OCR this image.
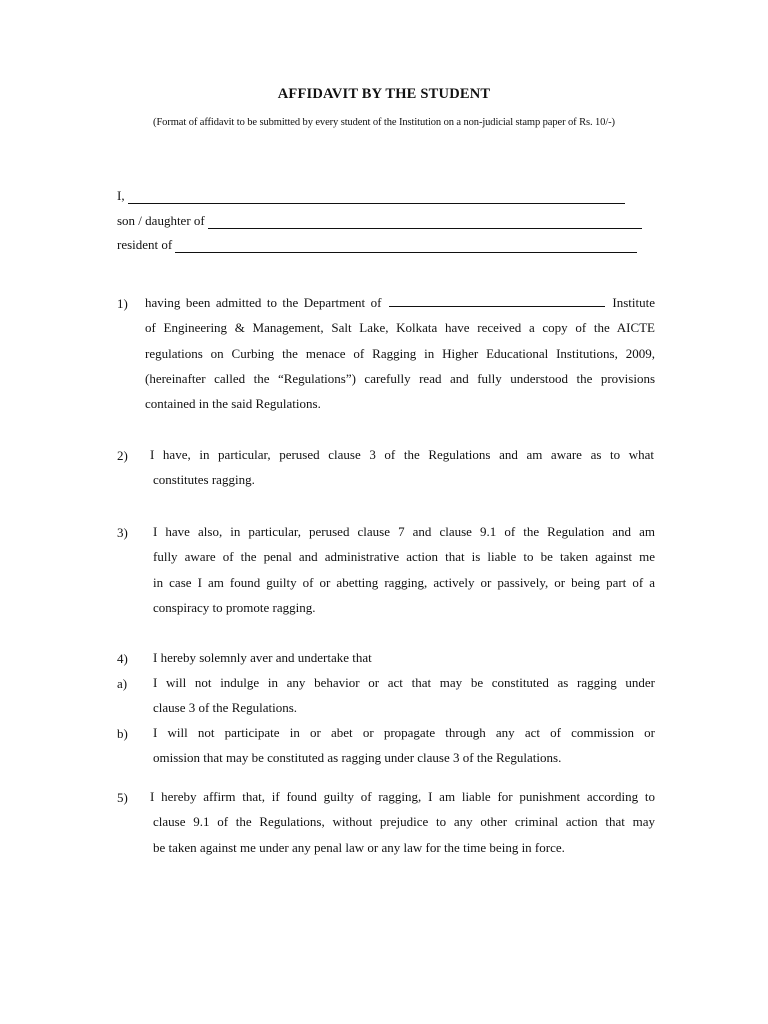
AFFIDAVIT BY THE STUDENT
(Format of affidavit to be submitted by every student of the Institution on a non-judicial stamp paper of Rs. 10/-)
I,
son / daughter of
resident of
1) having been admitted to the Department of	Institute
of Engineering & Management, Salt Lake, Kolkata have received a copy of the AICTE
regulations on Curbing the menace of Ragging in Higher Educational Institutions, 2009,
(hereinafter called the “Regulations”) carefully read and fully understood the provisions
contained in the said Regulations.
2) I have, in particular, perused clause 3 of the Regulations and am aware as to what
constitutes ragging.
3) I have also, in particular, perused clause 7 and clause 9.1 of the Regulation and am
fully aware of the penal and administrative action that is liable to be taken against me
in case I am found guilty of or abetting ragging, actively or passively, or being part of a
conspiracy to promote ragging.
4) I hereby solemnly aver and undertake that
a) I will not indulge in any behavior or act that may be constituted as ragging under
clause 3 of the Regulations.
b) I will not participate in or abet or propagate through any act of commission or
omission that may be constituted as ragging under clause 3 of the Regulations.
5) I hereby affirm that, if found guilty of ragging, I am liable for punishment according to
clause 9.1 of the Regulations, without prejudice to any other criminal action that may
be taken against me under any penal law or any law for the time being in force.
